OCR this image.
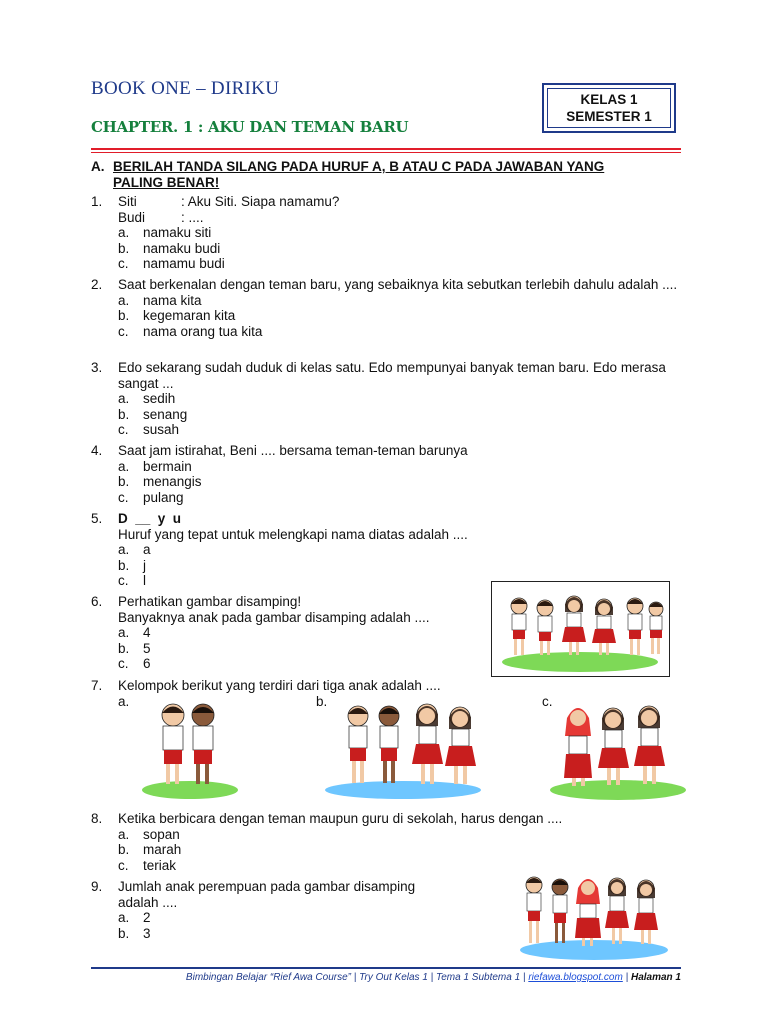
BOOK ONE – DIRIKU
CHAPTER. 1 : AKU DAN TEMAN BARU
KELAS 1
SEMESTER 1
A. BERILAH TANDA SILANG PADA HURUF A, B ATAU C PADA JAWABAN YANG PALING BENAR!
1. Siti	: Aku Siti. Siapa namamu?
Budi	: ....
a. namaku siti
b. namaku budi
c. namamu budi
2. Saat berkenalan dengan teman baru, yang sebaiknya kita sebutkan terlebih dahulu adalah ....
a. nama kita
b. kegemaran kita
c. nama orang tua kita
3. Edo sekarang sudah duduk di kelas satu. Edo mempunyai banyak teman baru. Edo merasa sangat ...
a. sedih
b. senang
c. susah
4. Saat jam istirahat, Beni .... bersama teman-teman barunya
a. bermain
b. menangis
c. pulang
5. D  __  y  u
Huruf yang tepat untuk melengkapi nama diatas adalah ....
a. a
b. j
c. l
6. Perhatikan gambar disamping!
Banyaknya anak pada gambar disamping adalah ....
a. 4
b. 5
c. 6
7. Kelompok berikut yang terdiri dari tiga anak adalah ....
a.	b.	c.
8. Ketika berbicara dengan teman maupun guru di sekolah, harus dengan ....
a. sopan
b. marah
c. teriak
9. Jumlah anak perempuan pada gambar disamping
adalah ....
a. 2
b. 3
Bimbingan Belajar “Rief Awa Course” | Try Out Kelas 1 | Tema 1 Subtema 1 | riefawa.blogspot.com | Halaman 1
